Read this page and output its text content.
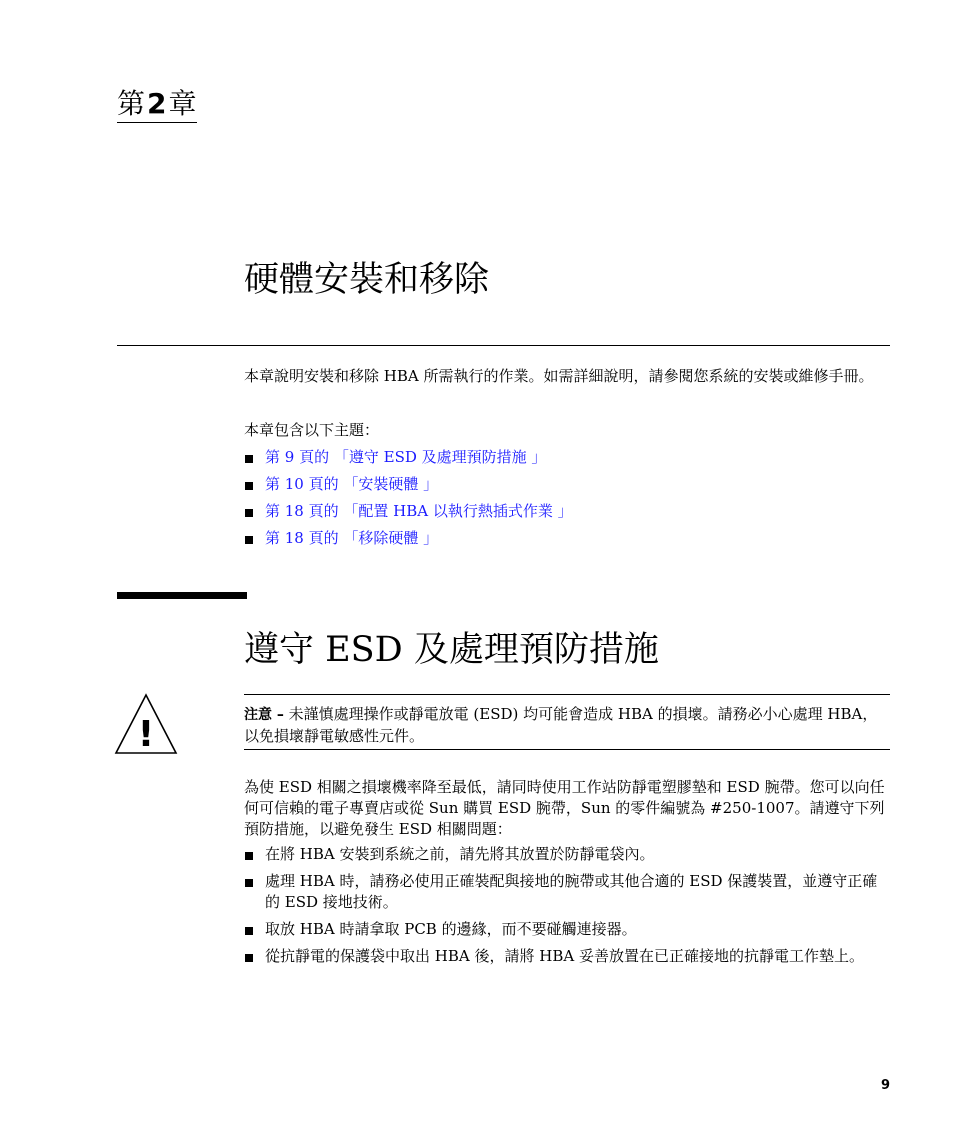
第2章
硬體安裝和移除

本章說明安裝和移除 HBA 所需執行的作業。如需詳細說明，請參閱您系統的安裝或維修手冊。

本章包含以下主題：

第 9 頁的 「遵守 ESD 及處理預防措施 」
第 10 頁的 「安裝硬體 」
第 18 頁的 「配置 HBA 以執行熱插式作業 」
第 18 頁的 「移除硬體 」
遵守 ESD 及處理預防措施
!	注意 – 未謹慎處理操作或靜電放電 (ESD) 均可能會造成 HBA 的損壞。請務必小心處理 HBA，以免損壞靜電敏感性元件。

為使 ESD 相關之損壞機率降至最低，請同時使用工作站防靜電塑膠墊和 ESD 腕帶。您可以向任何可信賴的電子專賣店或從 Sun 購買 ESD 腕帶，Sun 的零件編號為 #250-1007。請遵守下列預防措施，以避免發生 ESD 相關問題：

在將 HBA 安裝到系統之前，請先將其放置於防靜電袋內。
處理 HBA 時，請務必使用正確裝配與接地的腕帶或其他合適的 ESD 保護裝置，並遵守正確的 ESD 接地技術。
取放 HBA 時請拿取 PCB 的邊緣，而不要碰觸連接器。
從抗靜電的保護袋中取出 HBA 後，請將 HBA 妥善放置在已正確接地的抗靜電工作墊上。
9
